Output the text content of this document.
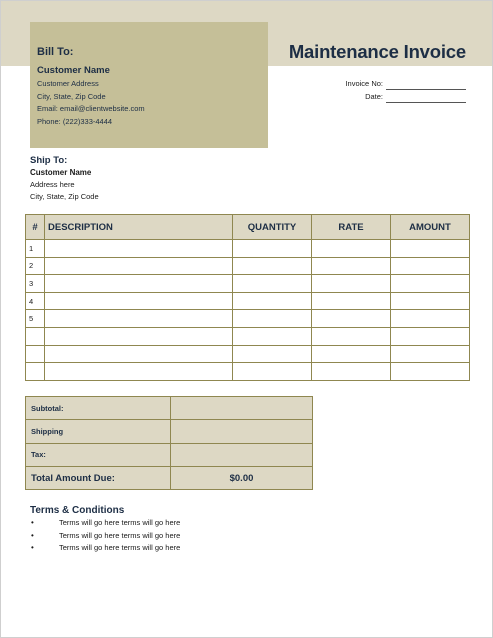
Bill To:
Customer Name
Customer Address
City, State, Zip Code
Email: email@clientwebsite.com
Phone: (222)333-4444
Maintenance Invoice
Invoice No:
Date:
Ship To:
Customer Name
Address here
City, State, Zip Code
#	DESCRIPTION	QUANTITY	RATE	AMOUNT
1				
2				
3				
4				
5				

Subtotal:	
Shipping	
Tax:	
Total Amount Due:	$0.00
Terms & Conditions
• Terms will go here terms will go here
• Terms will go here terms will go here
• Terms will go here terms will go here
